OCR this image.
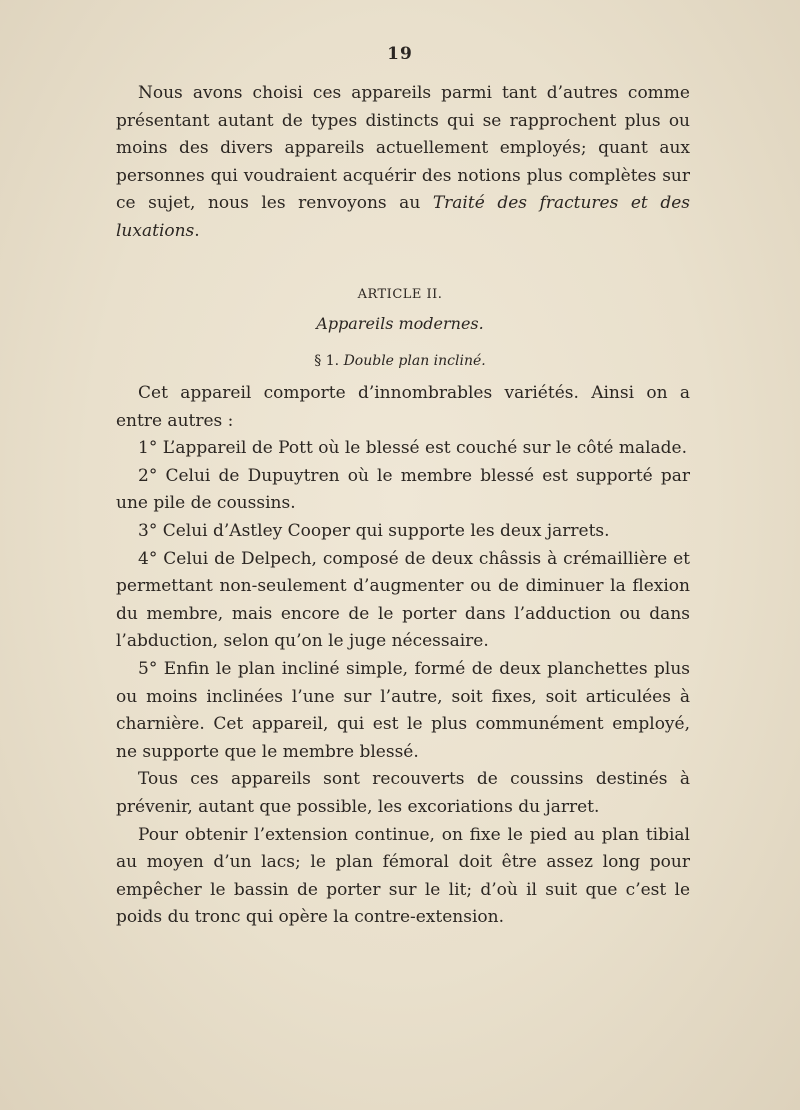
19

Nous avons choisi ces appareils parmi tant d’autres comme présentant autant de types distincts qui se rapprochent plus ou moins des divers appareils actuellement employés; quant aux personnes qui voudraient acquérir des notions plus complètes sur ce sujet, nous les renvoyons au Traité des fractures et des luxations.

ARTICLE II.
Appareils modernes.
§ 1. Double plan incliné.

Cet appareil comporte d’innombrables variétés. Ainsi on a entre autres :

1° L’appareil de Pott où le blessé est couché sur le côté malade.

2° Celui de Dupuytren où le membre blessé est supporté par une pile de coussins.

3° Celui d’Astley Cooper qui supporte les deux jarrets.

4° Celui de Delpech, composé de deux châssis à crémaillière et permettant non-seulement d’augmenter ou de diminuer la flexion du membre, mais encore de le porter dans l’adduction ou dans l’abduction, selon qu’on le juge nécessaire.

5° Enfin le plan incliné simple, formé de deux planchettes plus ou moins inclinées l’une sur l’autre, soit fixes, soit articulées à charnière. Cet appareil, qui est le plus communément employé, ne supporte que le membre blessé.

Tous ces appareils sont recouverts de coussins destinés à prévenir, autant que possible, les excoriations du jarret.

Pour obtenir l’extension continue, on fixe le pied au plan tibial au moyen d’un lacs; le plan fémoral doit être assez long pour empêcher le bassin de porter sur le lit; d’où il suit que c’est le poids du tronc qui opère la contre-extension.
